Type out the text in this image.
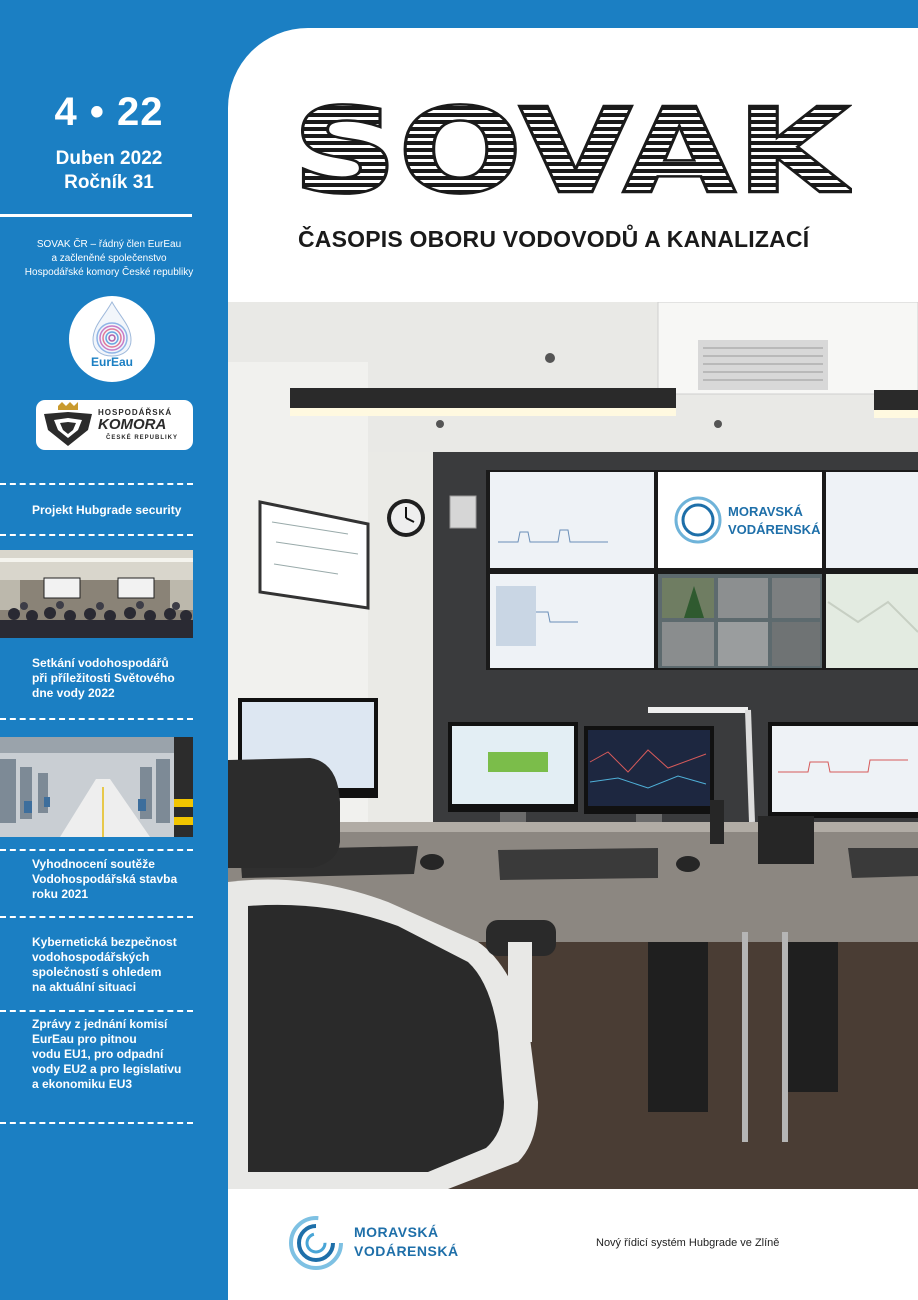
4 • 22
Duben 2022
Ročník 31
SOVAK ČR – řádný člen EurEau
a začleněné společenstvo
Hospodářské komory České republiky
EurEau
HOSPODÁŘSKÁ
KOMORA
ČESKÉ REPUBLIKY
Projekt Hubgrade security
Setkání vodohospodářů
při příležitosti Světového
dne vody 2022
Vyhodnocení soutěže
Vodohospodářská stavba
roku 2021
Kybernetická bezpečnost
vodohospodářských
společností s ohledem
na aktuální situaci
Zprávy z jednání komisí
EurEau pro pitnou
vodu EU1, pro odpadní
vody EU2 a pro legislativu
a ekonomiku EU3
SOVAK
ČASOPIS OBORU VODOVODŮ A KANALIZACÍ
MORAVSKÁ
VODÁRENSKÁ
MORAVSKÁ
VODÁRENSKÁ	Nový řídicí systém Hubgrade ve Zlíně
